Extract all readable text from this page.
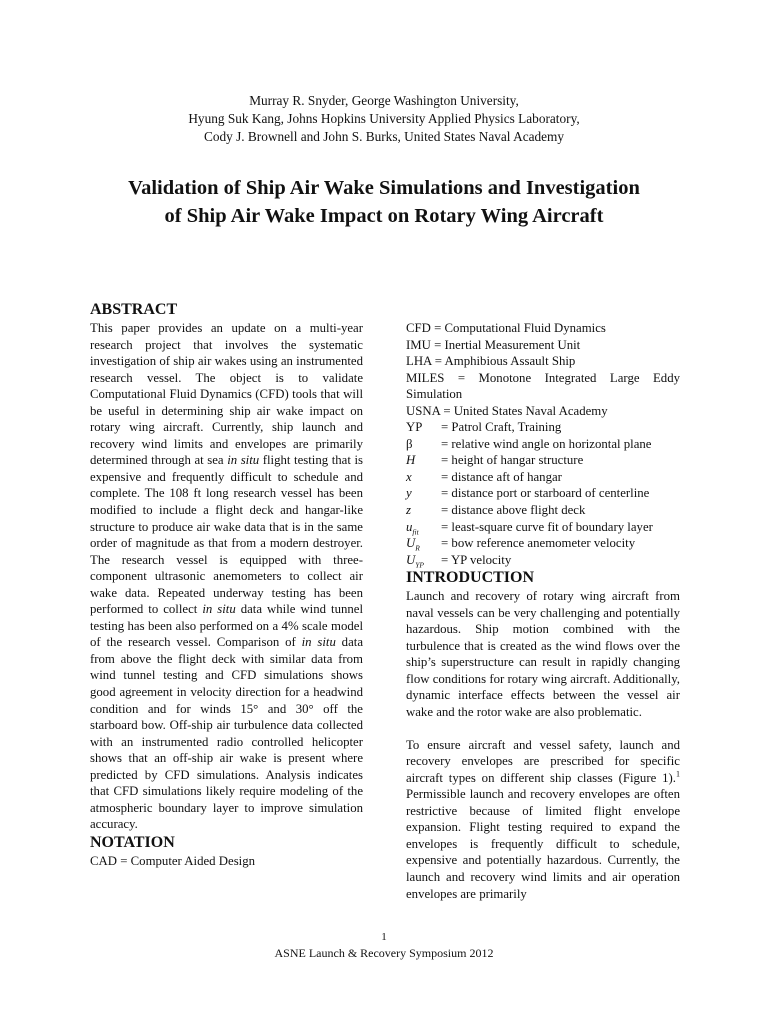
Murray R. Snyder, George Washington University,
Hyung Suk Kang, Johns Hopkins University Applied Physics Laboratory,
Cody J. Brownell and John S. Burks, United States Naval Academy
Validation of Ship Air Wake Simulations and Investigation
of Ship Air Wake Impact on Rotary Wing Aircraft
ABSTRACT

This paper provides an update on a multi-year research project that involves the systematic investigation of ship air wakes using an instrumented research vessel. The object is to validate Computational Fluid Dynamics (CFD) tools that will be useful in determining ship air wake impact on rotary wing aircraft. Currently, ship launch and recovery wind limits and envelopes are primarily determined through at sea in situ flight testing that is expensive and frequently difficult to schedule and complete. The 108 ft long research vessel has been modified to include a flight deck and hangar-like structure to produce air wake data that is in the same order of magnitude as that from a modern destroyer. The research vessel is equipped with three-component ultrasonic anemometers to collect air wake data. Repeated underway testing has been performed to collect in situ data while wind tunnel testing has been also performed on a 4% scale model of the research vessel. Comparison of in situ data from above the flight deck with similar data from wind tunnel testing and CFD simulations shows good agreement in velocity direction for a headwind condition and for winds 15° and 30° off the starboard bow. Off-ship air turbulence data collected with an instrumented radio controlled helicopter shows that an off-ship air wake is present where predicted by CFD simulations. Analysis indicates that CFD simulations likely require modeling of the atmospheric boundary layer to improve simulation accuracy.

NOTATION

CAD = Computer Aided Design

CFD = Computational Fluid Dynamics

IMU = Inertial Measurement Unit

LHA = Amphibious Assault Ship

MILES = Monotone Integrated Large Eddy Simulation

USNA = United States Naval Academy

YP	= Patrol Craft, Training
β	= relative wind angle on horizontal plane
H	= height of hangar structure
x	= distance aft of hangar
y	= distance port or starboard of centerline
z	= distance above flight deck
$u_{fit}$	= least-square curve fit of boundary layer
$U_R$	= bow reference anemometer velocity
$U_{YP}$	= YP velocity
INTRODUCTION

Launch and recovery of rotary wing aircraft from naval vessels can be very challenging and potentially hazardous. Ship motion combined with the turbulence that is created as the wind flows over the ship’s superstructure can result in rapidly changing flow conditions for rotary wing aircraft. Additionally, dynamic interface effects between the vessel air wake and the rotor wake are also problematic.

To ensure aircraft and vessel safety, launch and recovery envelopes are prescribed for specific aircraft types on different ship classes (Figure 1).$^1$ Permissible launch and recovery envelopes are often restrictive because of limited flight envelope expansion. Flight testing required to expand the envelopes is frequently difficult to schedule, expensive and potentially hazardous. Currently, the launch and recovery wind limits and air operation envelopes are primarily

1
ASNE Launch & Recovery Symposium 2012
